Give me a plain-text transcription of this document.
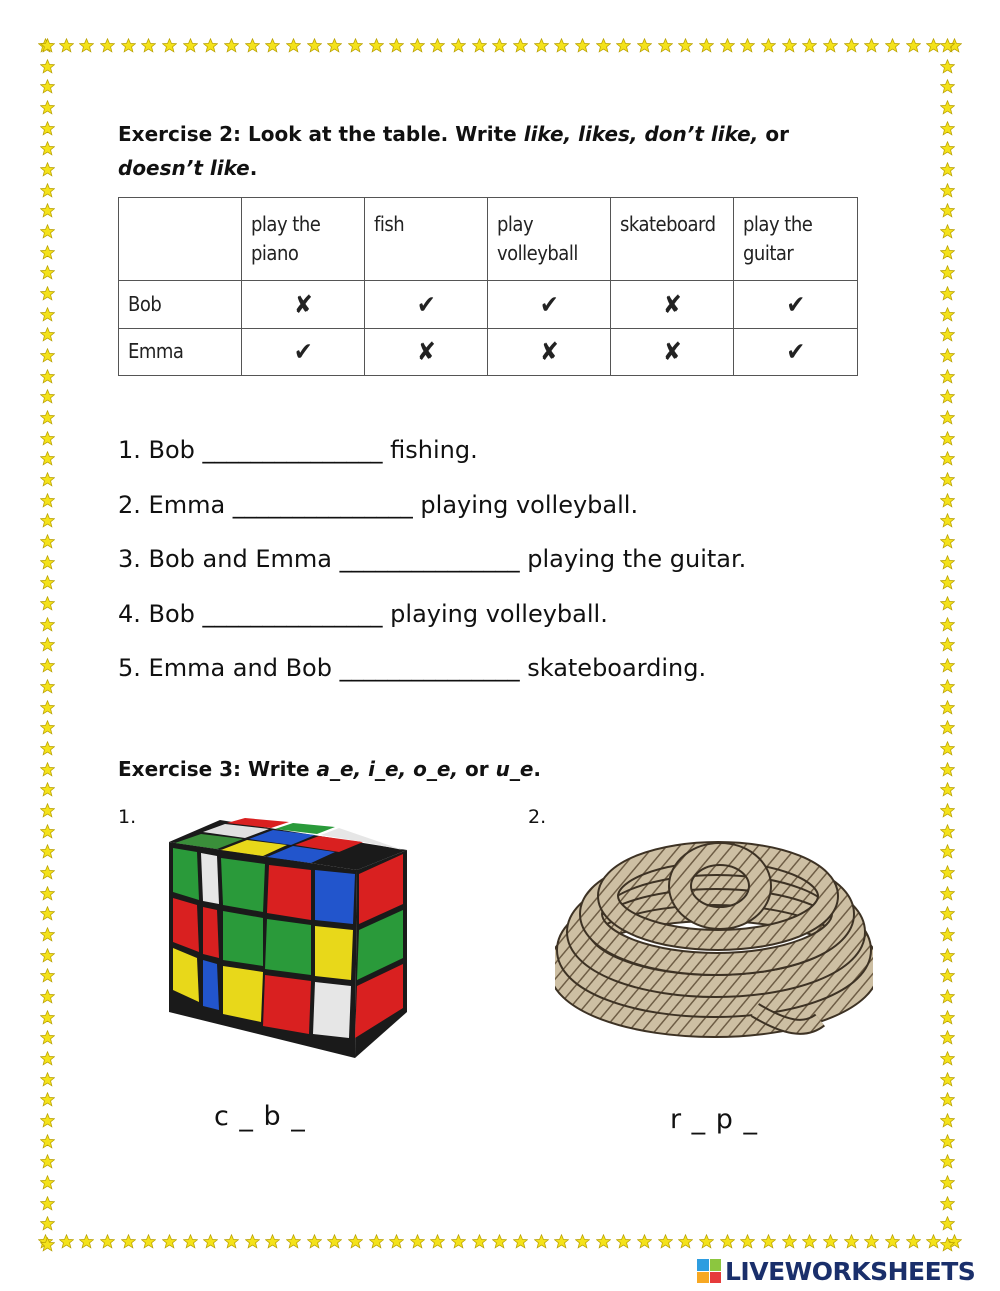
Exercise 2: Look at the table. Write like, likes, don’t like, or
doesn’t like.
	play the piano	fish	play volleyball	skateboard	play the guitar
Bob	✘	✔	✔	✘	✔
Emma	✔	✘	✘	✘	✔
1. Bob _______________ fishing.
2. Emma _______________ playing volleyball.
3. Bob and Emma _______________ playing the guitar.
4. Bob _______________ playing volleyball.
5. Emma and Bob _______________ skateboarding.
Exercise 3: Write a_e, i_e, o_e, or u_e.
1.	2.
c _ b _	r _ p _
LIVEWORKSHEETS
